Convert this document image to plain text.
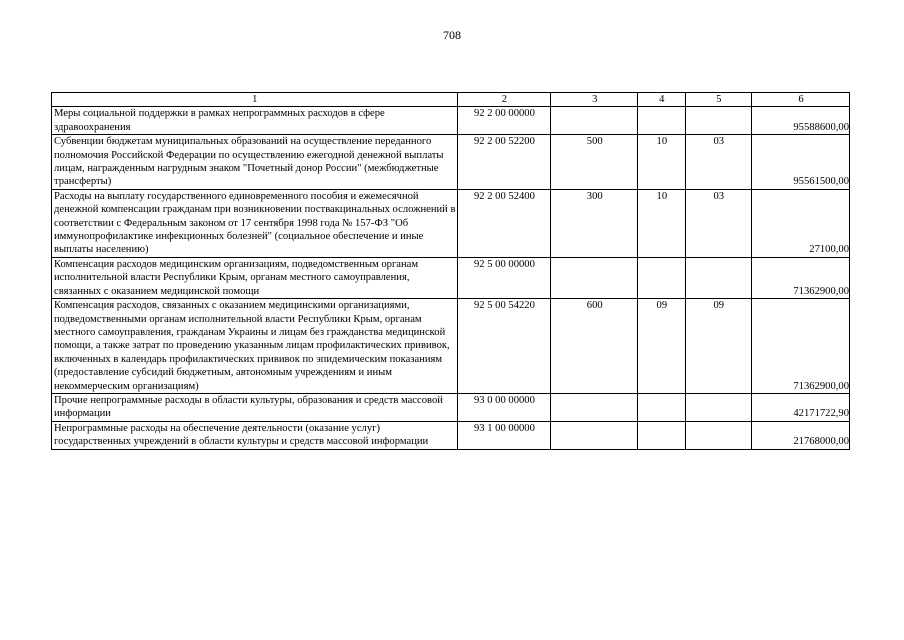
708
1	2	3	4	5	6
Меры социальной поддержки в рамках непрограммных расходов в сфере здравоохранения	92 2 00 00000				95588600,00
Субвенции бюджетам муниципальных образований на осуществление переданного полномочия Российской Федерации по осуществлению ежегодной денежной выплаты лицам, награжденным нагрудным знаком "Почетный донор России" (межбюджетные трансферты)	92 2 00 52200	500	10	03	95561500,00
Расходы на выплату государственного единовременного пособия и ежемесячной денежной компенсации гражданам при возникновении поствакцинальных осложнений в соответствии с Федеральным законом от 17 сентября 1998 года № 157-ФЗ "Об иммунопрофилактике инфекционных болезней" (социальное обеспечение и иные выплаты населению)	92 2 00 52400	300	10	03	27100,00
Компенсация расходов медицинским организациям, подведомственным органам исполнительной власти Республики Крым, органам местного самоуправления, связанных с оказанием медицинской помощи	92 5 00 00000				71362900,00
Компенсация расходов, связанных с оказанием медицинскими организациями, подведомственными органам исполнительной власти Республики Крым, органам местного самоуправления, гражданам Украины и лицам без гражданства медицинской помощи, а также затрат по проведению указанным лицам профилактических прививок, включенных в календарь профилактических прививок по эпидемическим показаниям (предоставление субсидий бюджетным, автономным учреждениям и иным некоммерческим организациям)	92 5 00 54220	600	09	09	71362900,00
Прочие непрограммные расходы в области культуры, образования и средств массовой информации	93 0 00 00000				42171722,90
Непрограммные расходы на обеспечение деятельности (оказание услуг) государственных учреждений в области культуры и средств массовой информации	93 1 00 00000				21768000,00
